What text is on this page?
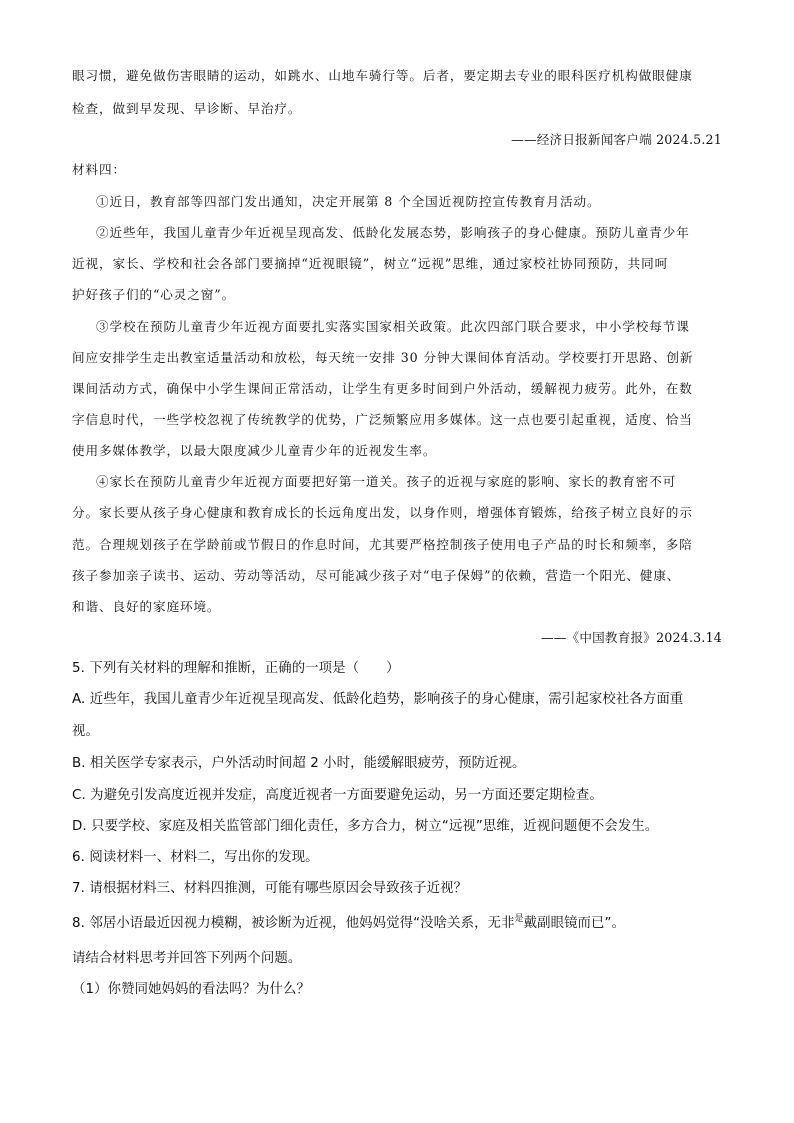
眼习惯，避免做伤害眼睛的运动，如跳水、山地车骑行等。后者，要定期去专业的眼科医疗机构做眼健康
检查，做到早发现、早诊断、早治疗。
——经济日报新闻客户端 2024.5.21
材料四：
①近日，教育部等四部门发出通知，决定开展第 8 个全国近视防控宣传教育月活动。
②近些年，我国儿童青少年近视呈现高发、低龄化发展态势，影响孩子的身心健康。预防儿童青少年
近视，家长、学校和社会各部门要摘掉“近视眼镜”，树立“远视”思维，通过家校社协同预防，共同呵
护好孩子们的“心灵之窗”。
③学校在预防儿童青少年近视方面要扎实落实国家相关政策。此次四部门联合要求，中小学校每节课
间应安排学生走出教室适量活动和放松，每天统一安排 30 分钟大课间体育活动。学校要打开思路、创新
课间活动方式，确保中小学生课间正常活动，让学生有更多时间到户外活动，缓解视力疲劳。此外，在数
字信息时代，一些学校忽视了传统教学的优势，广泛频繁应用多媒体。这一点也要引起重视，适度、恰当
使用多媒体教学，以最大限度减少儿童青少年的近视发生率。
④家长在预防儿童青少年近视方面要把好第一道关。孩子的近视与家庭的影响、家长的教育密不可
分。家长要从孩子身心健康和教育成长的长远角度出发，以身作则，增强体育锻炼，给孩子树立良好的示
范。合理规划孩子在学龄前或节假日的作息时间，尤其要严格控制孩子使用电子产品的时长和频率，多陪
孩子参加亲子读书、运动、劳动等活动，尽可能减少孩子对“电子保姆”的依赖，营造一个阳光、健康、
和谐、良好的家庭环境。
——《中国教育报》2024.3.14
5. 下列有关材料的理解和推断，正确的一项是（　　）
A. 近些年，我国儿童青少年近视呈现高发、低龄化趋势，影响孩子的身心健康，需引起家校社各方面重
视。
B. 相关医学专家表示，户外活动时间超 2 小时，能缓解眼疲劳，预防近视。
C. 为避免引发高度近视并发症，高度近视者一方面要避免运动，另一方面还要定期检查。
D. 只要学校、家庭及相关监管部门细化责任，多方合力，树立“远视”思维，近视问题便不会发生。
6. 阅读材料一、材料二，写出你的发现。
7. 请根据材料三、材料四推测，可能有哪些原因会导致孩子近视？
8. 邻居小语最近因视力模糊，被诊断为近视，他妈妈觉得“没啥关系，无非$^是$戴副眼镜而已”。
请结合材料思考并回答下列两个问题。
（1）你赞同她妈妈的看法吗？为什么？
